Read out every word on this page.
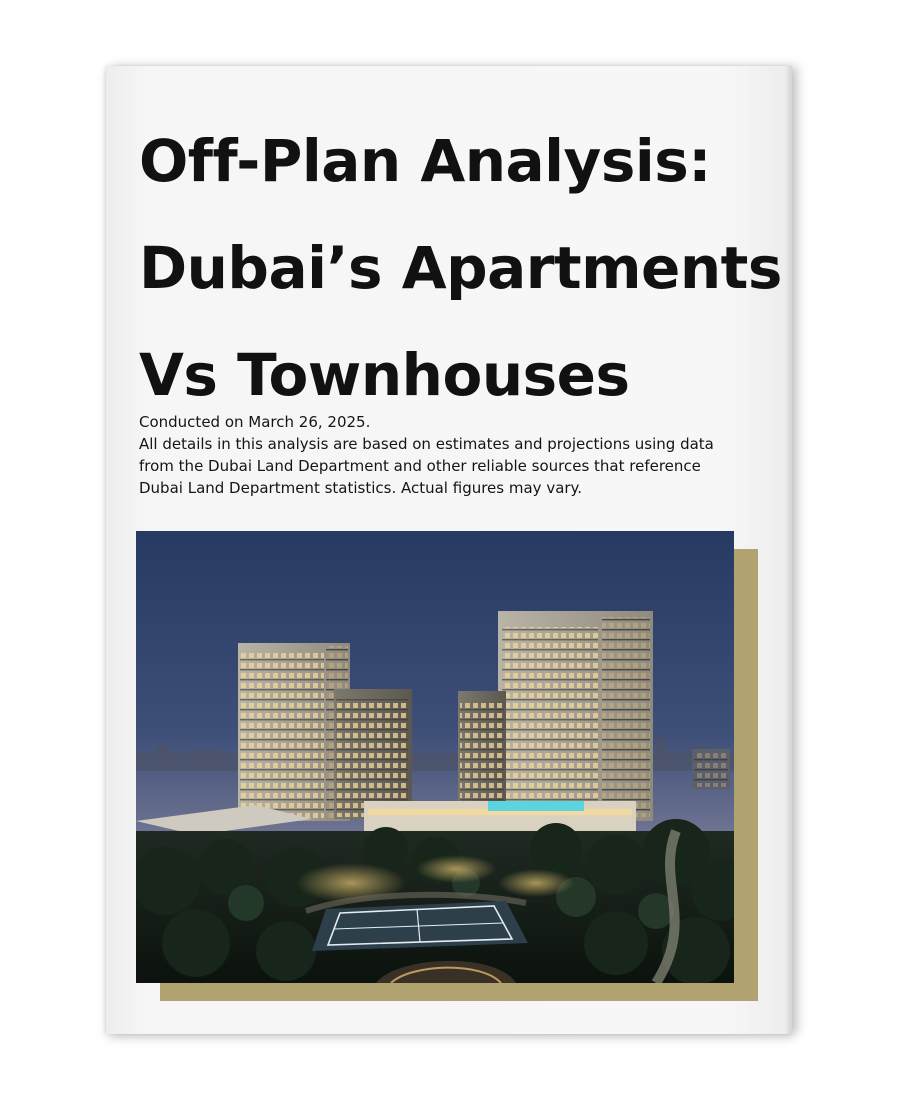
Off-Plan Analysis:
Dubai’s Apartments
Vs Townhouses
Conducted on March 26, 2025.
All details in this analysis are based on estimates and projections using data
from the Dubai Land Department and other reliable sources that reference
Dubai Land Department statistics. Actual figures may vary.
